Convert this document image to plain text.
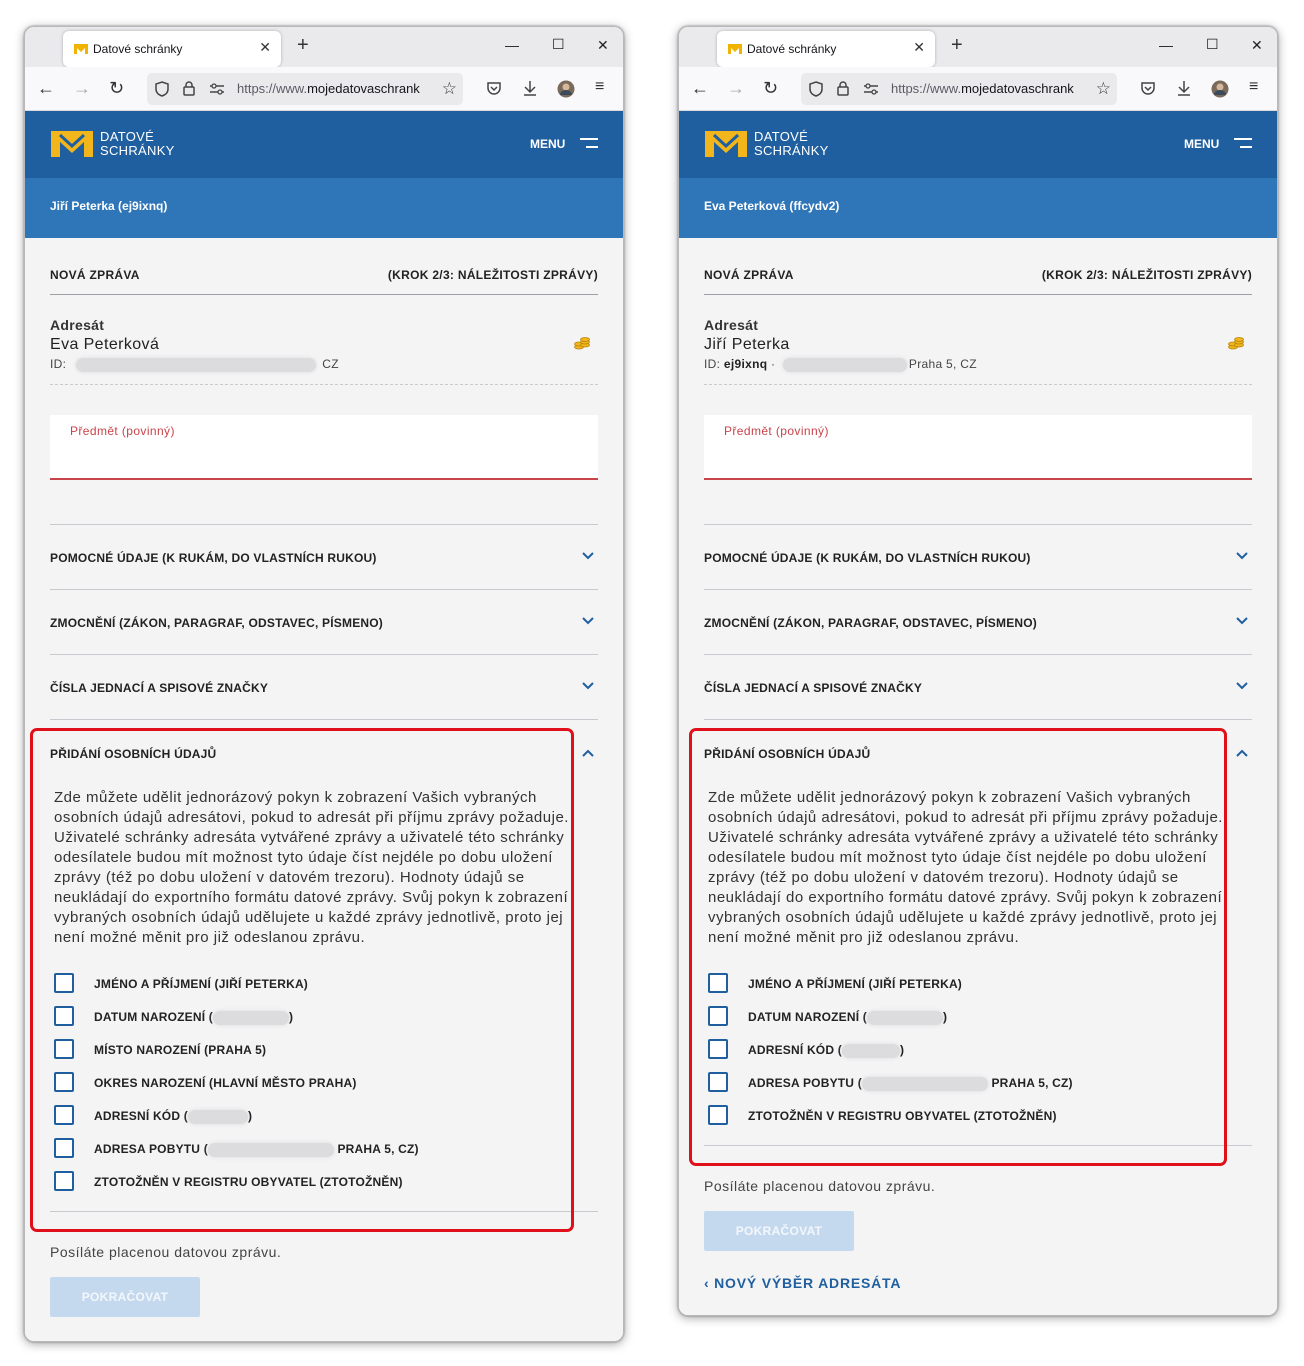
Datové schránky	✕ +	— ☐ ✕
← → ↻	https://www.mojedatovaschrank	☆	≡
DATOVÉ
SCHRÁNKY	MENU
Jiří Peterka (ej9ixnq)
NOVÁ ZPRÁVA	(KROK 2/3: NÁLEŽITOSTI ZPRÁVY)
Adresát
Eva Peterková
ID:	CZ
Předmět (povinný)
POMOCNÉ ÚDAJE (K RUKÁM, DO VLASTNÍCH RUKOU)
ZMOCNĚNÍ (ZÁKON, PARAGRAF, ODSTAVEC, PÍSMENO)
ČÍSLA JEDNACÍ A SPISOVÉ ZNAČKY
PŘIDÁNÍ OSOBNÍCH ÚDAJŮ

Zde můžete udělit jednorázový pokyn k zobrazení Vašich vybraných osobních údajů adresátovi, pokud to adresát při příjmu zprávy požaduje. Uživatelé schránky adresáta vytvářené zprávy a uživatelé této schránky odesílatele budou mít možnost tyto údaje číst nejdéle po dobu uložení zprávy (též po dobu uložení v datovém trezoru). Hodnoty údajů se neukládají do exportního formátu datové zprávy. Svůj pokyn k zobrazení vybraných osobních údajů udělujete u každé zprávy jednotlivě, proto jej není možné měnit pro již odeslanou zprávu.

JMÉNO A PŘÍJMENÍ (JIŘÍ PETERKA)
DATUM NAROZENÍ (	)
MÍSTO NAROZENÍ (PRAHA 5)
OKRES NAROZENÍ (HLAVNÍ MĚSTO PRAHA)
ADRESNÍ KÓD (	)
ADRESA POBYTU (	PRAHA 5, CZ)
ZTOTOŽNĚN V REGISTRU OBYVATEL (ZTOTOŽNĚN)

Posíláte placenou datovou zprávu.

POKRAČOVAT
Datové schránky	✕ +	— ☐ ✕
← → ↻	https://www.mojedatovaschrank	☆	≡
DATOVÉ
SCHRÁNKY	MENU
Eva Peterková (ffcydv2)
NOVÁ ZPRÁVA	(KROK 2/3: NÁLEŽITOSTI ZPRÁVY)
Adresát
Jiří Peterka
ID: ej9ixnq ·	Praha 5, CZ
Předmět (povinný)
POMOCNÉ ÚDAJE (K RUKÁM, DO VLASTNÍCH RUKOU)
ZMOCNĚNÍ (ZÁKON, PARAGRAF, ODSTAVEC, PÍSMENO)
ČÍSLA JEDNACÍ A SPISOVÉ ZNAČKY
PŘIDÁNÍ OSOBNÍCH ÚDAJŮ

Zde můžete udělit jednorázový pokyn k zobrazení Vašich vybraných osobních údajů adresátovi, pokud to adresát při příjmu zprávy požaduje. Uživatelé schránky adresáta vytvářené zprávy a uživatelé této schránky odesílatele budou mít možnost tyto údaje číst nejdéle po dobu uložení zprávy (též po dobu uložení v datovém trezoru). Hodnoty údajů se neukládají do exportního formátu datové zprávy. Svůj pokyn k zobrazení vybraných osobních údajů udělujete u každé zprávy jednotlivě, proto jej není možné měnit pro již odeslanou zprávu.

JMÉNO A PŘÍJMENÍ (JIŘÍ PETERKA)
DATUM NAROZENÍ (	)
ADRESNÍ KÓD (	)
ADRESA POBYTU (	PRAHA 5, CZ)
ZTOTOŽNĚN V REGISTRU OBYVATEL (ZTOTOŽNĚN)

Posíláte placenou datovou zprávu.

POKRAČOVAT

‹ NOVÝ VÝBĚR ADRESÁTA
